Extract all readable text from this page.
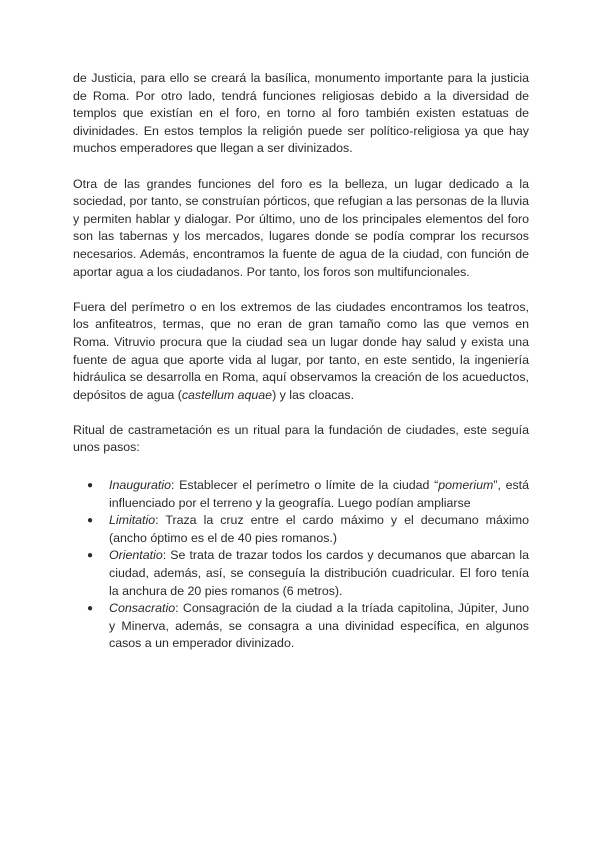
de Justicia, para ello se creará la basílica, monumento importante para la justicia de Roma. Por otro lado, tendrá funciones religiosas debido a la diversidad de templos que existían en el foro, en torno al foro también existen estatuas de divinidades. En estos templos la religión puede ser político-religiosa ya que hay muchos emperadores que llegan a ser divinizados.

Otra de las grandes funciones del foro es la belleza, un lugar dedicado a la sociedad, por tanto, se construían pórticos, que refugian a las personas de la lluvia y permiten hablar y dialogar. Por último, uno de los principales elementos del foro son las tabernas y los mercados, lugares donde se podía comprar los recursos necesarios. Además, encontramos la fuente de agua de la ciudad, con función de aportar agua a los ciudadanos. Por tanto, los foros son multifuncionales.

Fuera del perímetro o en los extremos de las ciudades encontramos los teatros, los anfiteatros, termas, que no eran de gran tamaño como las que vemos en Roma. Vitruvio procura que la ciudad sea un lugar donde hay salud y exista una fuente de agua que aporte vida al lugar, por tanto, en este sentido, la ingeniería hidráulica se desarrolla en Roma, aquí observamos la creación de los acueductos, depósitos de agua (castellum aquae) y las cloacas.

Ritual de castrametación es un ritual para la fundación de ciudades, este seguía unos pasos:

● Inauguratio: Establecer el perímetro o límite de la ciudad “pomerium”, está influenciado por el terreno y la geografía. Luego podían ampliarse
● Limitatio: Traza la cruz entre el cardo máximo y el decumano máximo (ancho óptimo es el de 40 pies romanos.)
● Orientatio: Se trata de trazar todos los cardos y decumanos que abarcan la ciudad, además, así, se conseguía la distribución cuadricular. El foro tenía la anchura de 20 pies romanos (6 metros).
● Consacratio: Consagración de la ciudad a la tríada capitolina, Júpiter, Juno y Minerva, además, se consagra a una divinidad específica, en algunos casos a un emperador divinizado.
